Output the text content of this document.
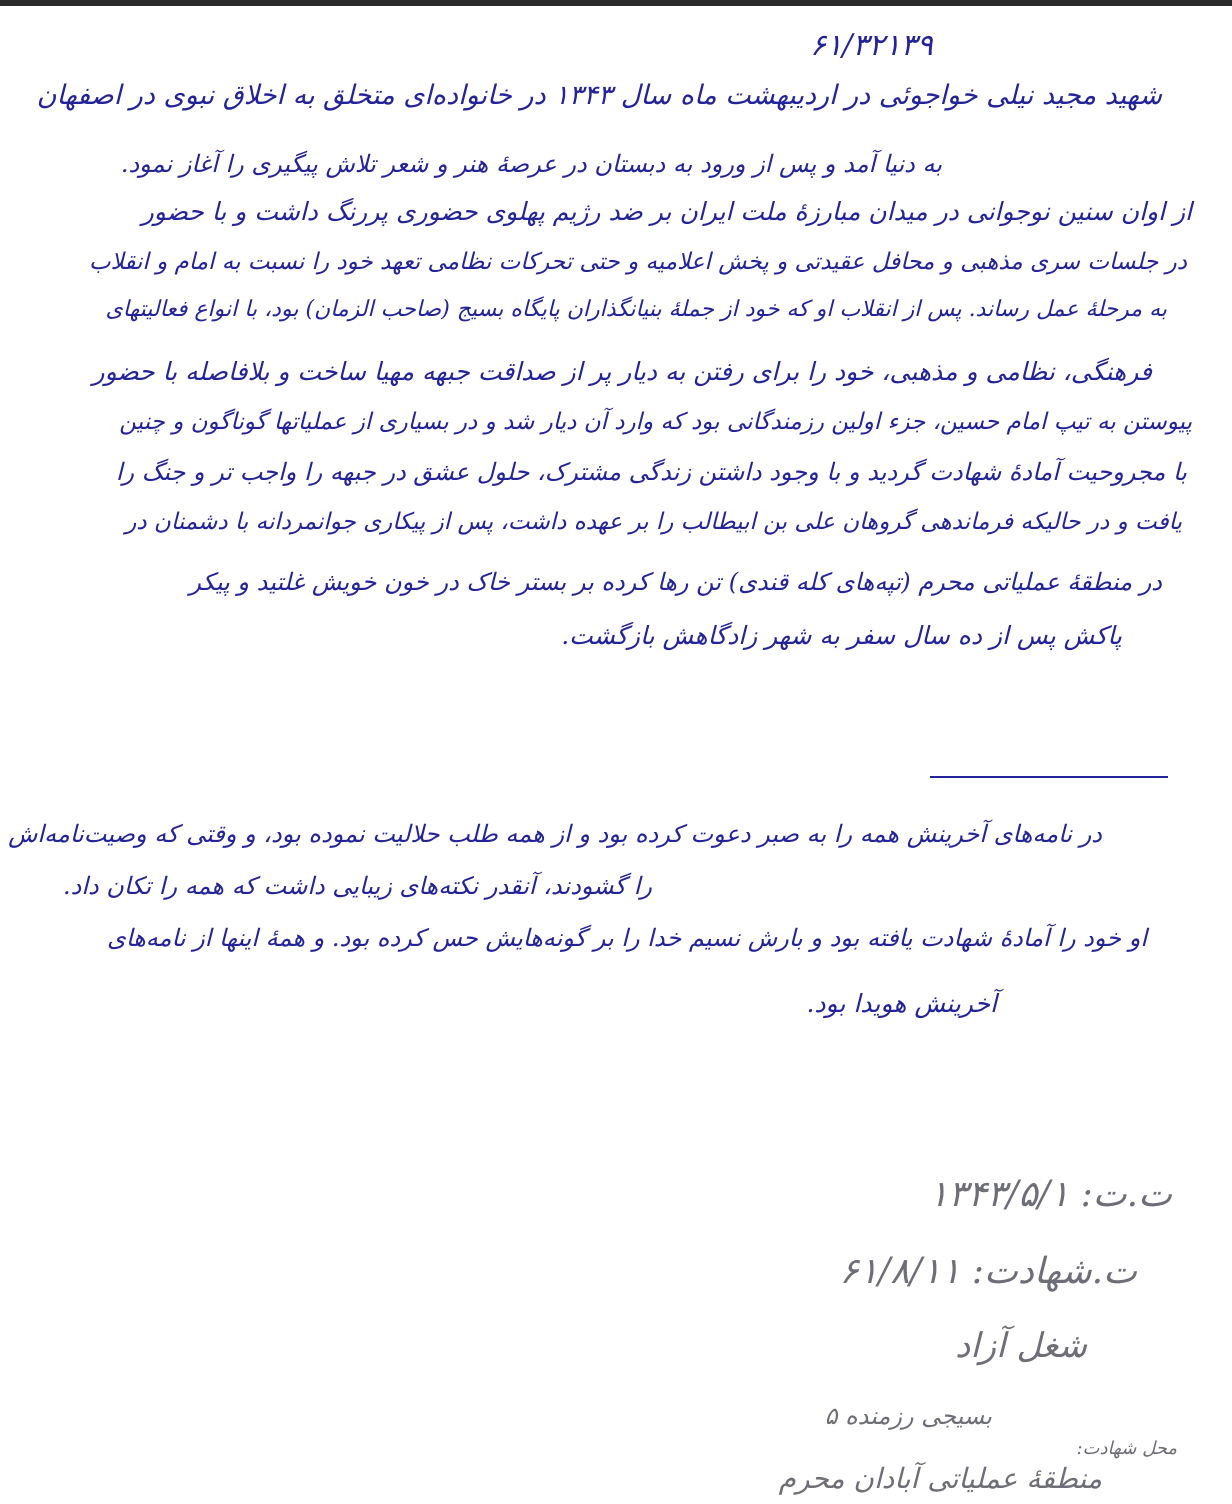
۶۱/۳۲۱۳۹
شهید مجید نیلی خواجوئی در اردیبهشت ماه سال ۱۳۴۳ در خانواده‌ای متخلق به اخلاق نبوی در اصفهان
به دنیا آمد و پس از ورود به دبستان در عرصهٔ هنر و شعر تلاش پیگیری را آغاز نمود.
از اوان سنین نوجوانی در میدان مبارزهٔ ملت ایران بر ضد رژیم پهلوی حضوری پررنگ داشت و با حضور
در جلسات سری مذهبی و محافل عقیدتی و پخش اعلامیه و حتی تحرکات نظامی تعهد خود را نسبت به امام و انقلاب
به مرحلهٔ عمل رساند. پس از انقلاب او که خود از جملهٔ بنیانگذاران پایگاه بسیج (صاحب الزمان) بود، با انواع فعالیتهای
فرهنگی، نظامی و مذهبی، خود را برای رفتن به دیار پر از صداقت جبهه مهیا ساخت و بلافاصله با حضور
پیوستن به تیپ امام حسین، جزء اولین رزمندگانی بود که وارد آن دیار شد و در بسیاری از عملیاتها گوناگون و چنین
با مجروحیت آمادهٔ شهادت گردید و با وجود داشتن زندگی مشترک، حلول عشق در جبهه را واجب تر و جنگ را
یافت و در حالیکه فرماندهی گروهان علی بن ابیطالب را بر عهده داشت، پس از پیکاری جوانمردانه با دشمنان در
در منطقهٔ عملیاتی محرم (تپه‌های کله قندی) تن رها کرده بر بستر خاک در خون خویش غلتید و پیکر
پاکش پس از ده سال سفر به شهر زادگاهش بازگشت.
در نامه‌های آخرینش همه را به صبر دعوت کرده بود و از همه طلب حلالیت نموده بود، و وقتی که وصیت‌نامه‌اش
را گشودند، آنقدر نکته‌های زیبایی داشت که همه را تکان داد.
او خود را آمادهٔ شهادت یافته بود و بارش نسیم خدا را بر گونه‌هایش حس کرده بود. و همهٔ اینها از نامه‌های
آخرینش هویدا بود.
ت.ت: ۱۳۴۳/۵/۱
ت.شهادت: ۶۱/۸/۱۱
شغل آزاد
بسیجی رزمنده ۵
محل شهادت:
منطقهٔ عملیاتی آبادان محرم
